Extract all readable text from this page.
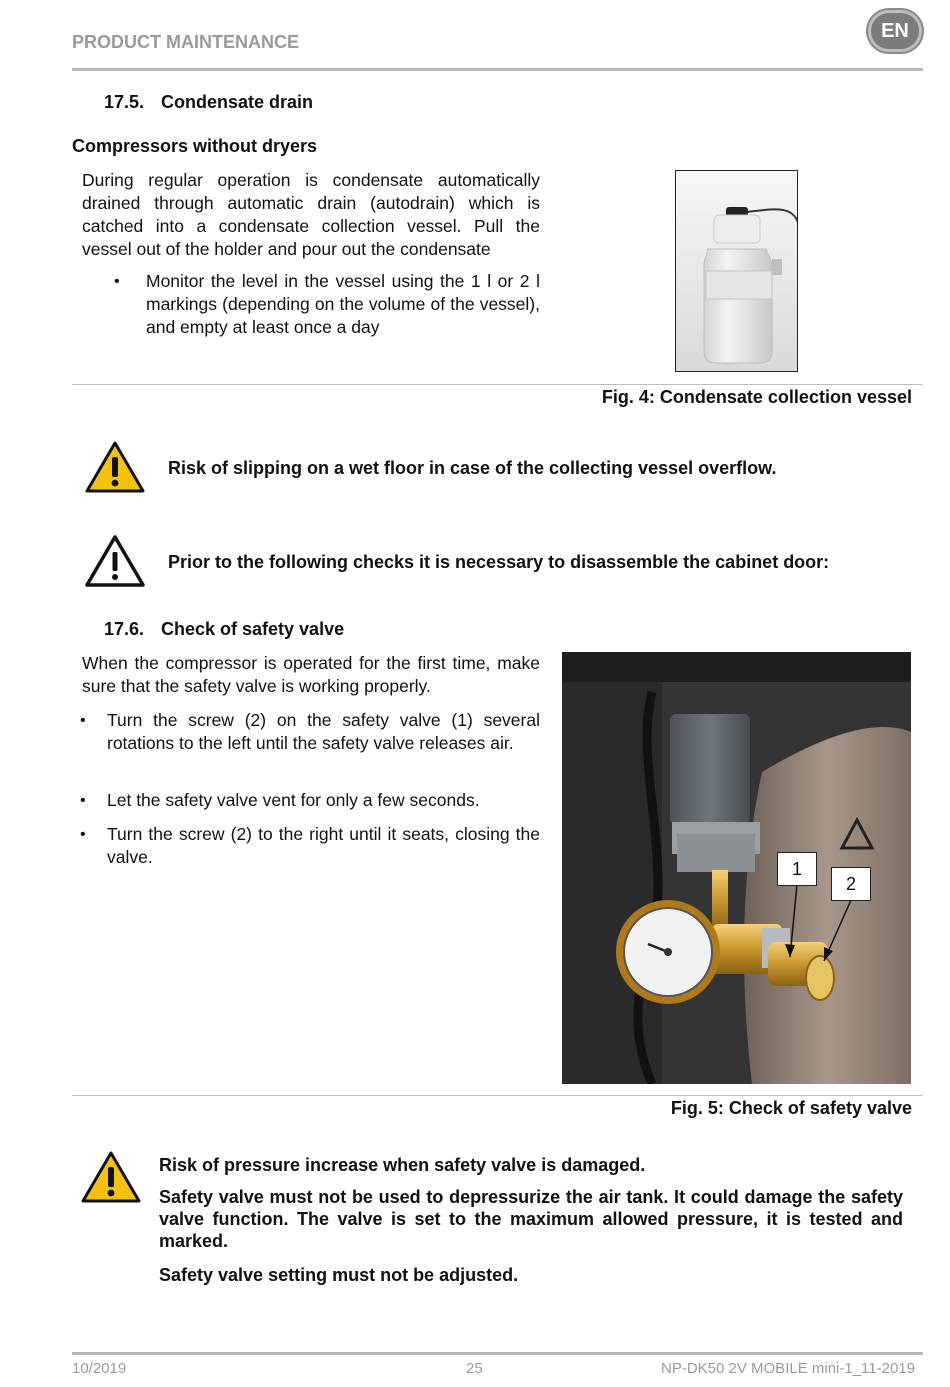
PRODUCT MAINTENANCE	EN
17.5. Condensate drain
Compressors without dryers
During regular operation is condensate automatically drained through automatic drain (autodrain) which is catched into a condensate collection vessel. Pull the vessel out of the holder and pour out the condensate
• Monitor the level in the vessel using the 1 l or 2 l markings (depending on the volume of the vessel), and empty at least once a day
Fig. 4: Condensate collection vessel
Risk of slipping on a wet floor in case of the collecting vessel overflow.
Prior to the following checks it is necessary to disassemble the cabinet door:
17.6. Check of safety valve
When the compressor is operated for the first time, make sure that the safety valve is working properly.
• Turn the screw (2) on the safety valve (1) several rotations to the left until the safety valve releases air.
• Let the safety valve vent for only a few seconds.
• Turn the screw (2) to the right until it seats, closing the valve.
1
2
Fig. 5: Check of safety valve
Risk of pressure increase when safety valve is damaged.
Safety valve must not be used to depressurize the air tank. It could damage the safety valve function. The valve is set to the maximum allowed pressure, it is tested and marked.
Safety valve setting must not be adjusted.
10/2019	25	NP-DK50 2V MOBILE mini-1_11-2019
